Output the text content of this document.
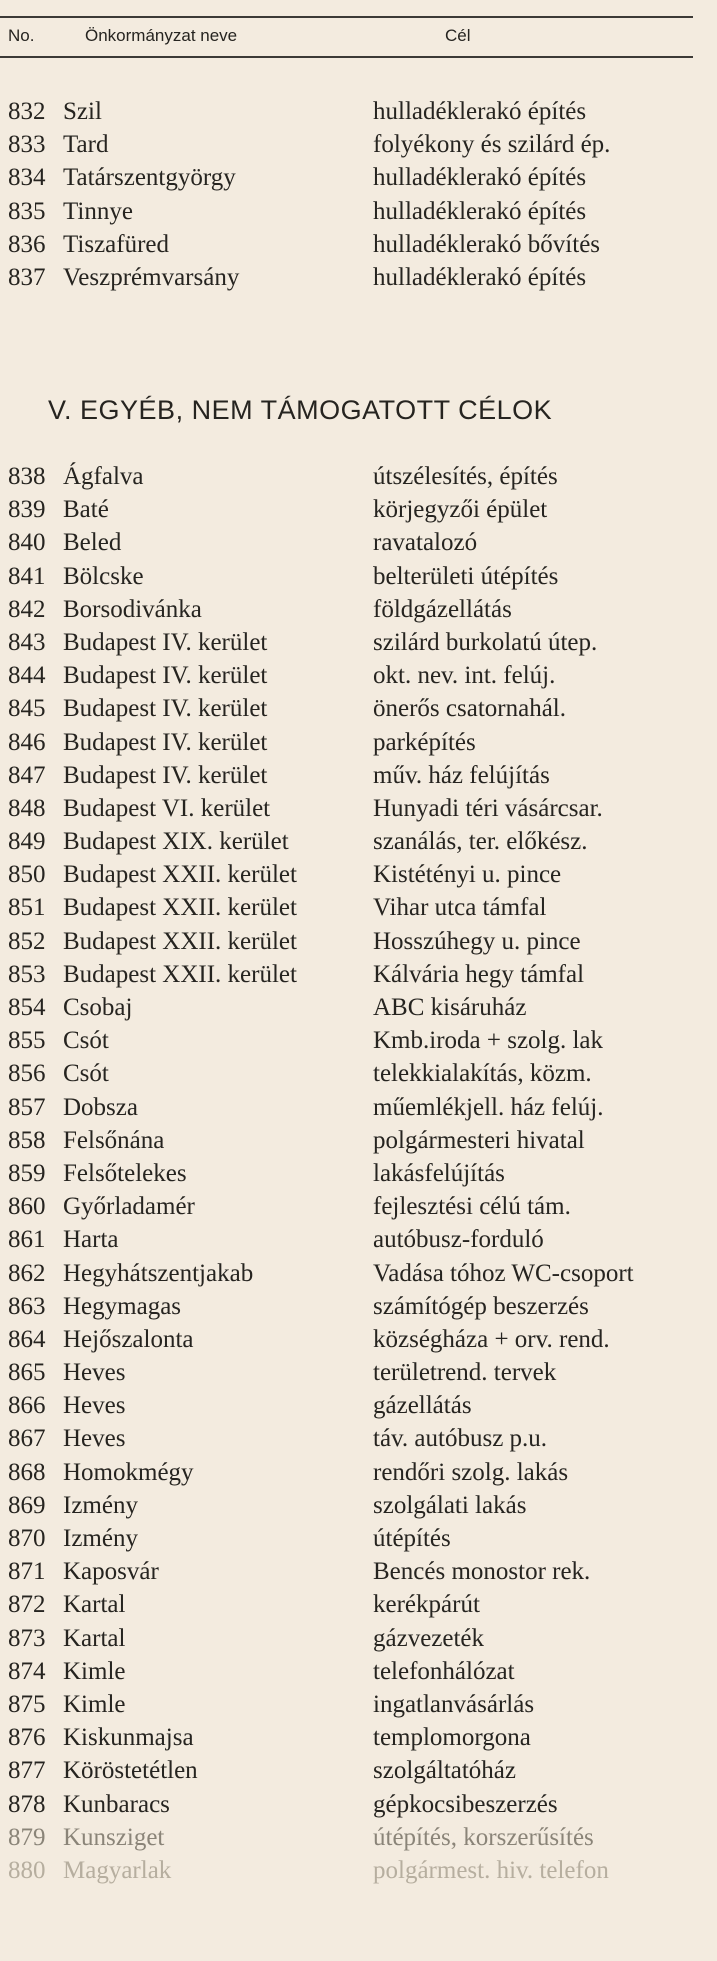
No.	Önkormányzat neve	Cél
832 Szil	hulladéklerakó építés
833 Tard	folyékony és szilárd ép.
834 Tatárszentgyörgy	hulladéklerakó építés
835 Tinnye	hulladéklerakó építés
836 Tiszafüred	hulladéklerakó bővítés
837 Veszprémvarsány	hulladéklerakó építés
V. EGYÉB, NEM TÁMOGATOTT CÉLOK
838 Ágfalva	útszélesítés, építés
839 Baté	körjegyzői épület
840 Beled	ravatalozó
841 Bölcske	belterületi útépítés
842 Borsodivánka	földgázellátás
843 Budapest IV. kerület	szilárd burkolatú útep.
844 Budapest IV. kerület	okt. nev. int. felúj.
845 Budapest IV. kerület	önerős csatornahál.
846 Budapest IV. kerület	parképítés
847 Budapest IV. kerület	műv. ház felújítás
848 Budapest VI. kerület	Hunyadi téri vásárcsar.
849 Budapest XIX. kerület	szanálás, ter. előkész.
850 Budapest XXII. kerület	Kistétényi u. pince
851 Budapest XXII. kerület	Vihar utca támfal
852 Budapest XXII. kerület	Hosszúhegy u. pince
853 Budapest XXII. kerület	Kálvária hegy támfal
854 Csobaj	ABC kisáruház
855 Csót	Kmb.iroda + szolg. lak
856 Csót	telekkialakítás, közm.
857 Dobsza	műemlékjell. ház felúj.
858 Felsőnána	polgármesteri hivatal
859 Felsőtelekes	lakásfelújítás
860 Győrladamér	fejlesztési célú tám.
861 Harta	autóbusz-forduló
862 Hegyhátszentjakab	Vadása tóhoz WC-csoport
863 Hegymagas	számítógép beszerzés
864 Hejőszalonta	községháza + orv. rend.
865 Heves	területrend. tervek
866 Heves	gázellátás
867 Heves	táv. autóbusz p.u.
868 Homokmégy	rendőri szolg. lakás
869 Izmény	szolgálati lakás
870 Izmény	útépítés
871 Kaposvár	Bencés monostor rek.
872 Kartal	kerékpárút
873 Kartal	gázvezeték
874 Kimle	telefonhálózat
875 Kimle	ingatlanvásárlás
876 Kiskunmajsa	templomorgona
877 Köröstetétlen	szolgáltatóház
878 Kunbaracs	gépkocsibeszerzés
879 Kunsziget	útépítés, korszerűsítés
880 Magyarlak	polgármest. hiv. telefon
